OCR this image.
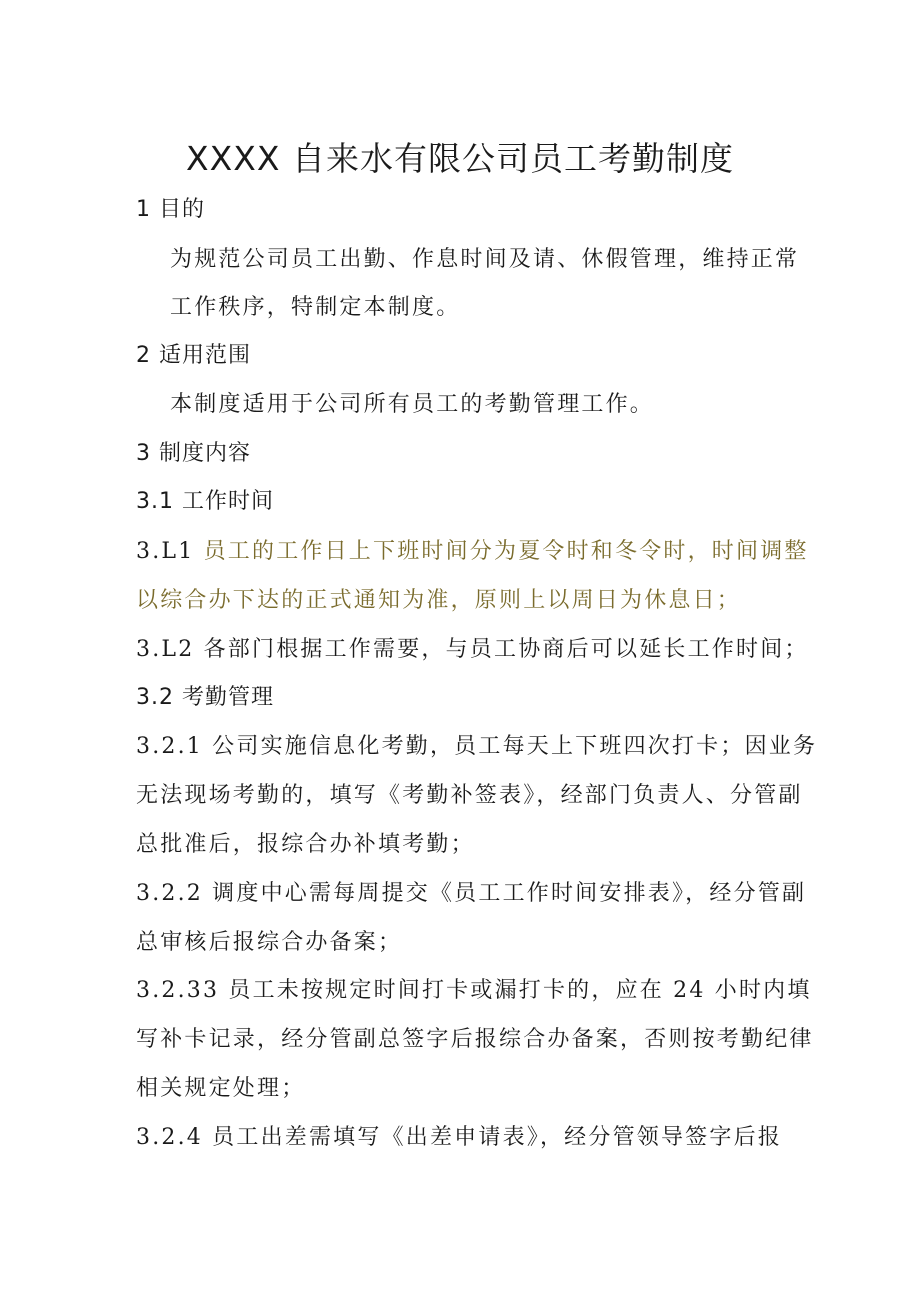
XXXX 自来水有限公司员工考勤制度
1 目的
为规范公司员工出勤、作息时间及请、休假管理，维持正常
工作秩序，特制定本制度。
2 适用范围
本制度适用于公司所有员工的考勤管理工作。
3 制度内容
3.1 工作时间
3.L1 员工的工作日上下班时间分为夏令时和冬令时，时间调整
以综合办下达的正式通知为准，原则上以周日为休息日；
3.L2 各部门根据工作需要，与员工协商后可以延长工作时间；
3.2 考勤管理
3.2.1 公司实施信息化考勤，员工每天上下班四次打卡；因业务
无法现场考勤的，填写《考勤补签表》，经部门负责人、分管副
总批准后，报综合办补填考勤；
3.2.2 调度中心需每周提交《员工工作时间安排表》，经分管副
总审核后报综合办备案；
3.2.33 员工未按规定时间打卡或漏打卡的，应在 24 小时内填
写补卡记录，经分管副总签字后报综合办备案，否则按考勤纪律
相关规定处理；
3.2.4 员工出差需填写《出差申请表》，经分管领导签字后报
